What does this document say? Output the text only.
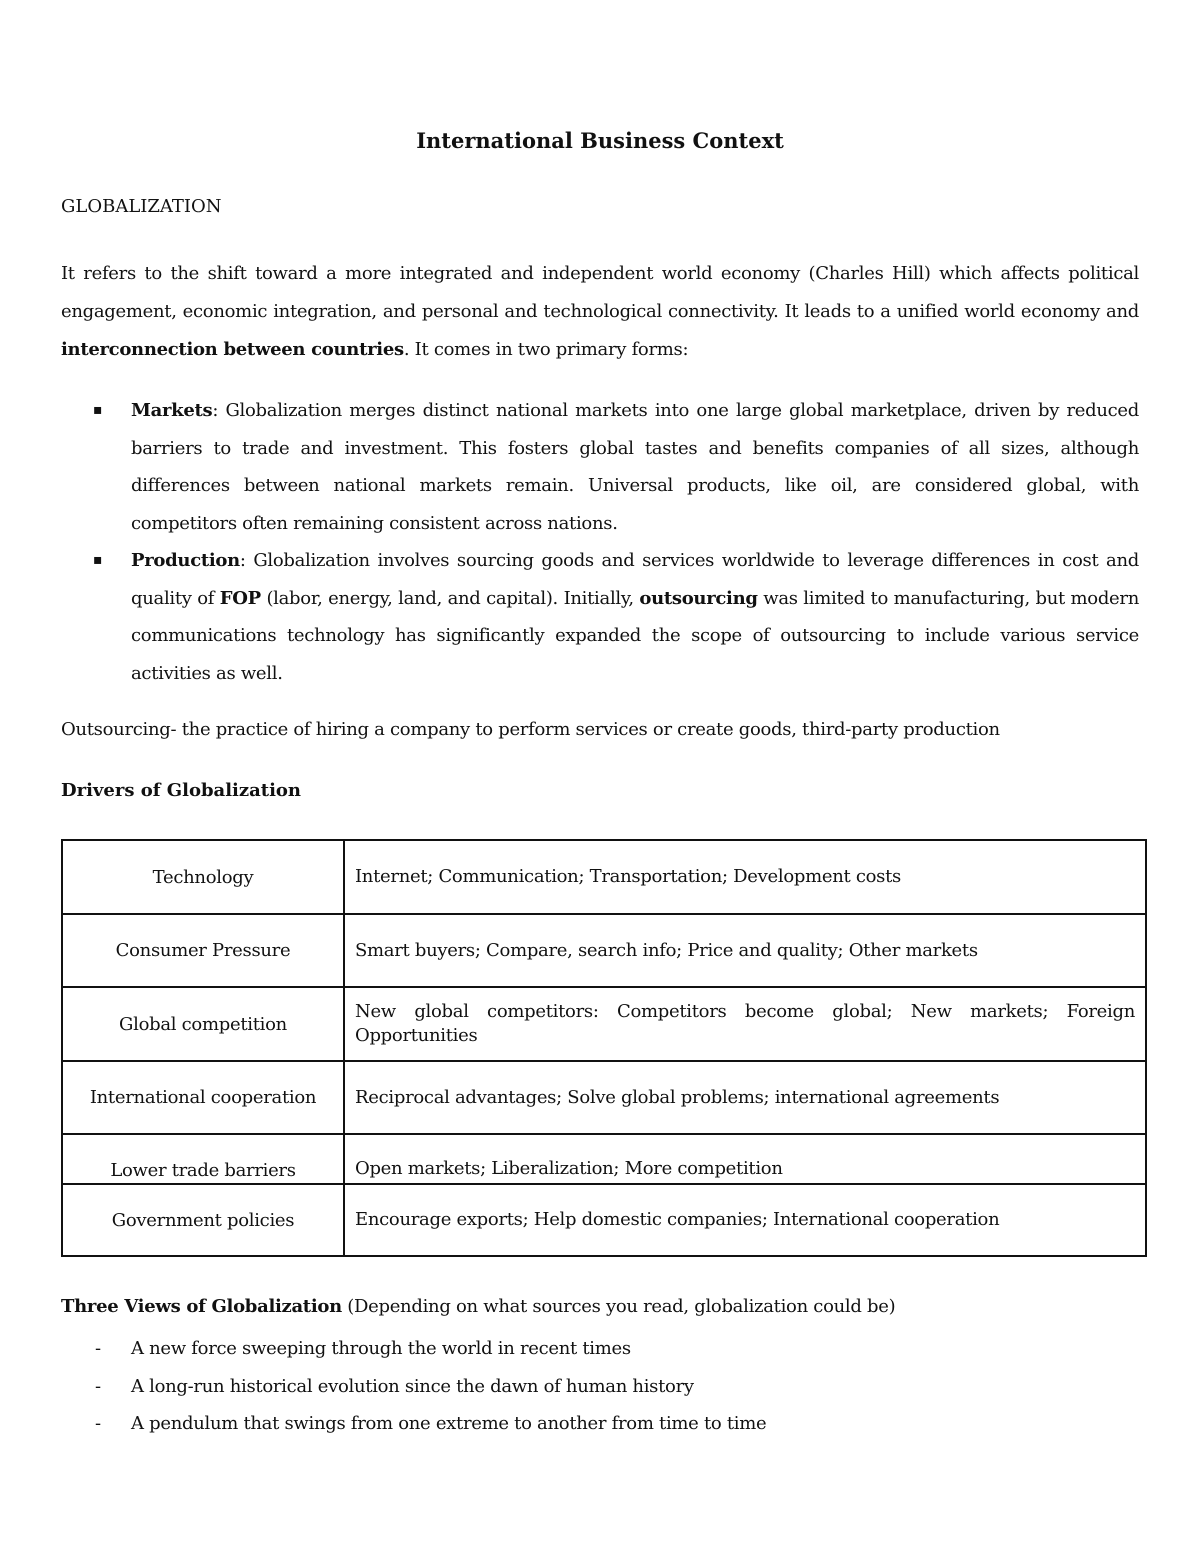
International Business Context
GLOBALIZATION
It refers to the shift toward a more integrated and independent world economy (Charles Hill) which affects political engagement, economic integration, and personal and technological connectivity. It leads to a unified world economy and interconnection between countries. It comes in two primary forms:
▪ Markets: Globalization merges distinct national markets into one large global marketplace, driven by reduced barriers to trade and investment. This fosters global tastes and benefits companies of all sizes, although differences between national markets remain. Universal products, like oil, are considered global, with competitors often remaining consistent across nations.
▪ Production: Globalization involves sourcing goods and services worldwide to leverage differences in cost and quality of FOP (labor, energy, land, and capital). Initially, outsourcing was limited to manufacturing, but modern communications technology has significantly expanded the scope of outsourcing to include various service activities as well.
Outsourcing- the practice of hiring a company to perform services or create goods, third-party production
Drivers of Globalization
Technology	Internet; Communication; Transportation; Development costs
Consumer Pressure	Smart buyers; Compare, search info; Price and quality; Other markets
Global competition	New global competitors: Competitors become global; New markets; Foreign Opportunities
International cooperation	Reciprocal advantages; Solve global problems; international agreements
Lower trade barriers	Open markets; Liberalization; More competition
Government policies	Encourage exports; Help domestic companies; International cooperation
Three Views of Globalization (Depending on what sources you read, globalization could be)
- A new force sweeping through the world in recent times
- A long-run historical evolution since the dawn of human history
- A pendulum that swings from one extreme to another from time to time
